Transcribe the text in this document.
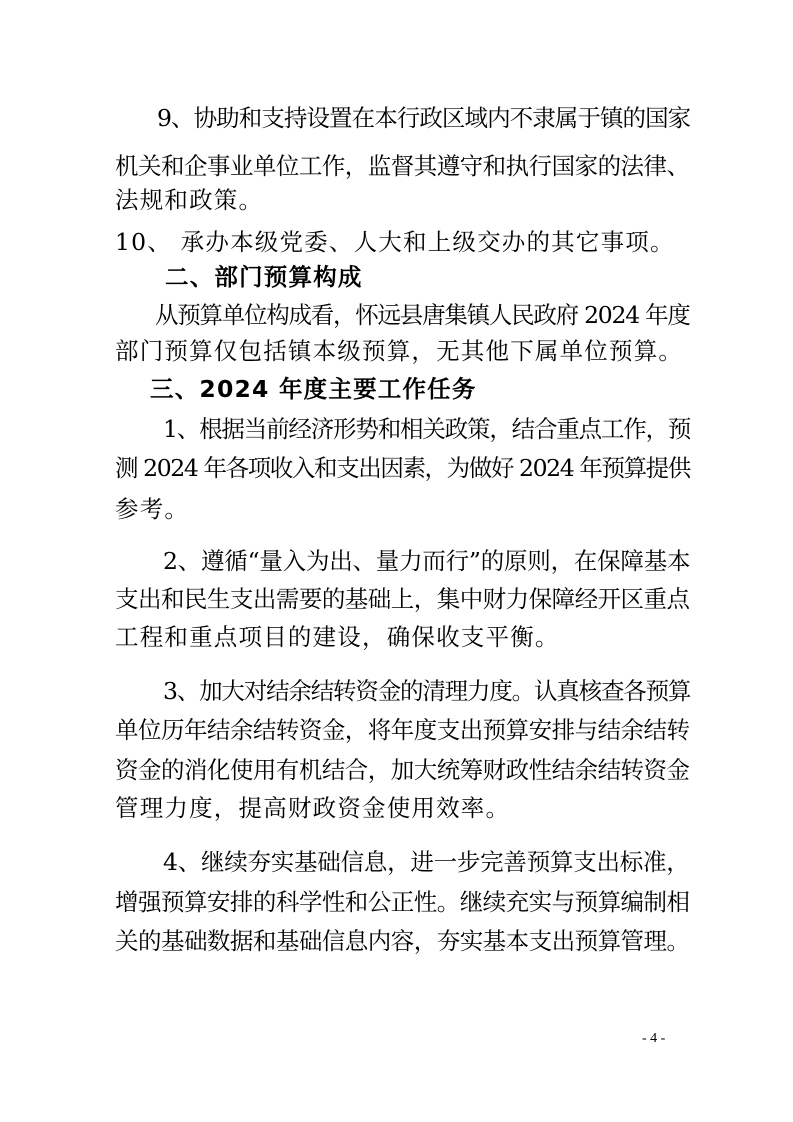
9、协助和支持设置在本行政区域内不隶属于镇的国家
机关和企事业单位工作，监督其遵守和执行国家的法律、
法规和政策。
10、 承办本级党委、人大和上级交办的其它事项。
二、部门预算构成
从预算单位构成看，怀远县唐集镇人民政府 2024 年度
部门预算仅包括镇本级预算，无其他下属单位预算。
三、2024 年度主要工作任务
1、根据当前经济形势和相关政策，结合重点工作，预
测 2024 年各项收入和支出因素，为做好 2024 年预算提供
参考。
2、遵循“量入为出、量力而行”的原则，在保障基本
支出和民生支出需要的基础上，集中财力保障经开区重点
工程和重点项目的建设，确保收支平衡。
3、加大对结余结转资金的清理力度。认真核查各预算
单位历年结余结转资金，将年度支出预算安排与结余结转
资金的消化使用有机结合，加大统筹财政性结余结转资金
管理力度，提高财政资金使用效率。
4、继续夯实基础信息，进一步完善预算支出标准，
增强预算安排的科学性和公正性。继续充实与预算编制相
关的基础数据和基础信息内容，夯实基本支出预算管理。
- 4 -
